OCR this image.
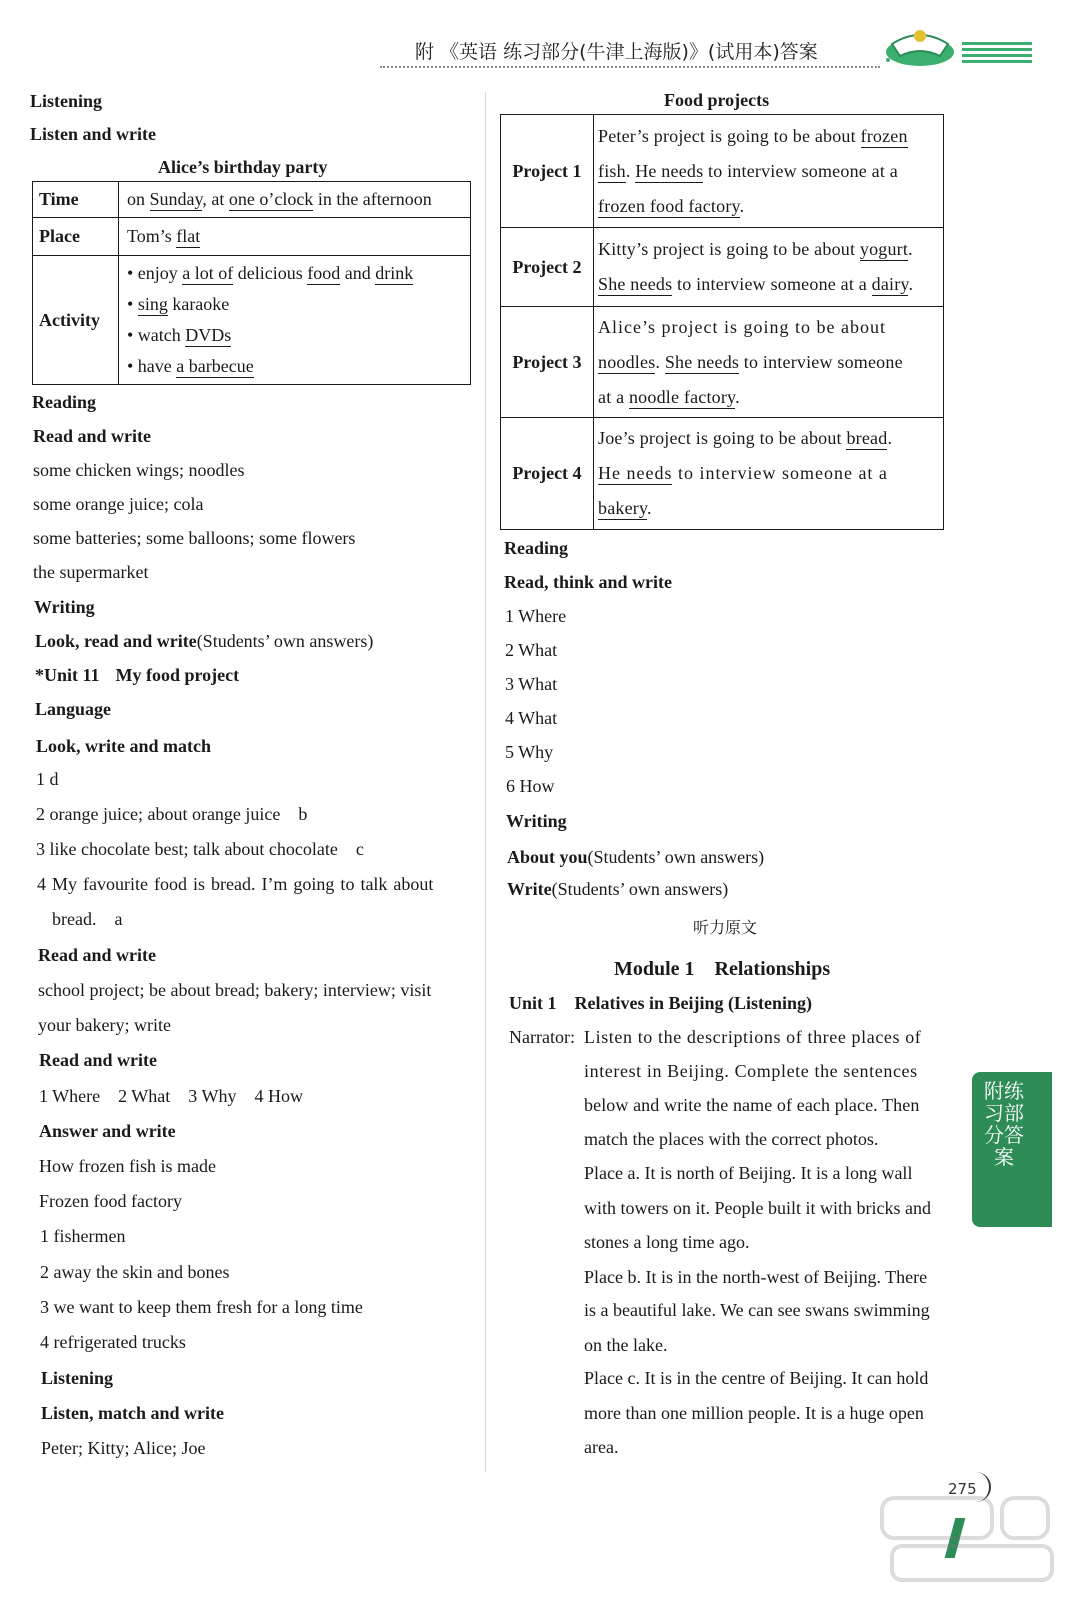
附 《英语 练习部分(牛津上海版)》(试用本)答案
Listening
Listen and write
Alice’s birthday party
Time	on Sunday, at one o’clock in the afternoon
Place	Tom’s flat
Activity	• enjoy a lot of delicious food and drink
• sing karaoke
• watch DVDs
• have a barbecue
Reading
Read and write
some chicken wings; noodles
some orange juice; cola
some batteries; some balloons; some flowers
the supermarket
Writing
Look, read and write(Students’ own answers)
*Unit 11 My food project
Language
Look, write and match
1 d
2 orange juice; about orange juice    b
3 like chocolate best; talk about chocolate    c
4 My favourite food is bread. I’m going to talk about
bread.    a
Read and write
school project; be about bread; bakery; interview; visit
your bakery; write
Read and write
1 Where    2 What    3 Why    4 How
Answer and write
How frozen fish is made
Frozen food factory
1 fishermen
2 away the skin and bones
3 we want to keep them fresh for a long time
4 refrigerated trucks
Listening
Listen, match and write
Peter; Kitty; Alice; Joe
Food projects
Project 1	Peter’s project is going to be about frozen
fish. He needs to interview someone at a
frozen food factory.

Project 2	Kitty’s project is going to be about yogurt.
She needs to interview someone at a dairy.

Project 3	Alice’s project is going to be about
noodles. She needs to interview someone
at a noodle factory.

Project 4	Joe’s project is going to be about bread.
He needs to interview someone at a
bakery.
Reading
Read, think and write
1 Where
2 What
3 What
4 What
5 Why
6 How
Writing
About you(Students’ own answers)
Write(Students’ own answers)
听力原文
Module 1    Relationships
Unit 1    Relatives in Beijing (Listening)
Narrator: Listen to the descriptions of three places of
interest in Beijing. Complete the sentences
below and write the name of each place. Then
match the places with the correct photos.
Place a. It is north of Beijing. It is a long wall
with towers on it. People built it with bricks and
stones a long time ago.
Place b. It is in the north-west of Beijing. There
is a beautiful lake. We can see swans swimming
on the lake.
Place c. It is in the centre of Beijing. It can hold
more than one million people. It is a huge open
area.
附练习部分答案
275
